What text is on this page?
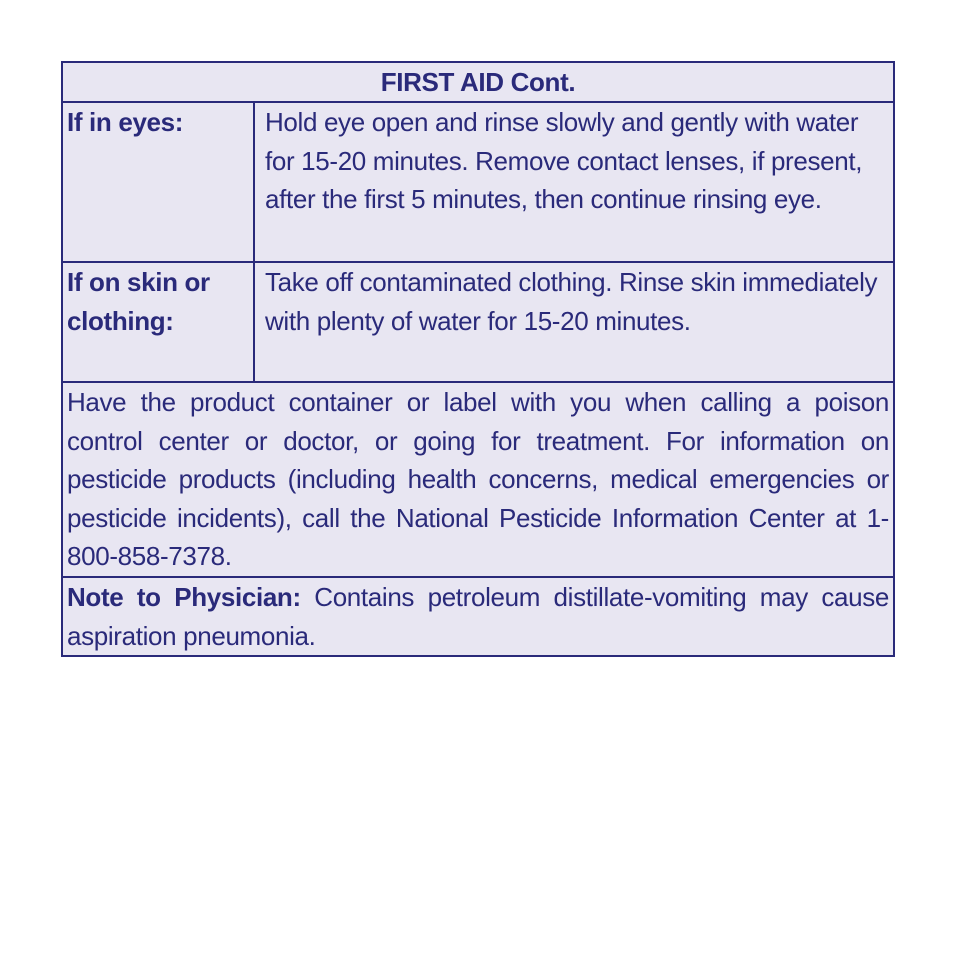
FIRST AID Cont.
If in eyes:	Hold eye open and rinse slowly and gently with water for 15-20 minutes. Remove contact lenses, if present, after the first 5 minutes, then continue rinsing eye.
If on skin or clothing:
Take off contaminated clothing. Rinse skin immediately with plenty of water for 15-20 minutes.
Have the product container or label with you when calling a poison control center or doctor, or going for treatment. For information on pesticide products (including health concerns, medical emergencies or pesticide incidents), call the National Pesticide Information Center at 1-800-858-7378.
Note to Physician: Contains petroleum distillate-vomiting may cause aspiration pneumonia.
